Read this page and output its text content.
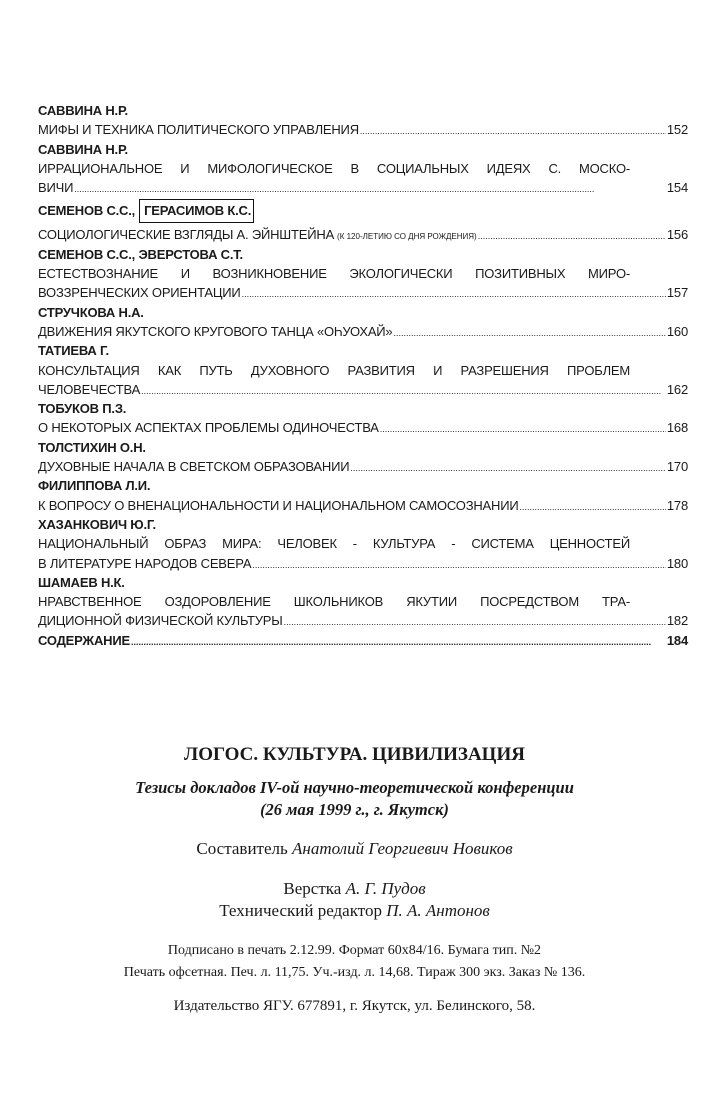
САВВИНА Н.Р.
МИФЫ И ТЕХНИКА ПОЛИТИЧЕСКОГО УПРАВЛЕНИЯ .....	152
САВВИНА Н.Р.
ИРРАЦИОНАЛЬНОЕ И МИФОЛОГИЧЕСКОЕ В СОЦИАЛЬНЫХ ИДЕЯХ С. МОСКО-
ВИЧИ .....	154
СЕМЕНОВ С.С., ГЕРАСИМОВ К.С.
СОЦИОЛОГИЧЕСКИЕ ВЗГЛЯДЫ А. ЭЙНШТЕЙНА (К 120-ЛЕТИЮ СО ДНЯ РОЖДЕНИЯ) .....	156
СЕМЕНОВ С.С., ЭВЕРСТОВА С.Т.
ЕСТЕСТВОЗНАНИЕ И ВОЗНИКНОВЕНИЕ ЭКОЛОГИЧЕСКИ ПОЗИТИВНЫХ МИРО-
ВОЗЗРЕНЧЕСКИХ ОРИЕНТАЦИИ .....	157
СТРУЧКОВА Н.А.
ДВИЖЕНИЯ ЯКУТСКОГО КРУГОВОГО ТАНЦА «ОҺУОХАЙ» .....	160
ТАТИЕВА Г.
КОНСУЛЬТАЦИЯ КАК ПУТЬ ДУХОВНОГО РАЗВИТИЯ И РАЗРЕШЕНИЯ ПРОБЛЕМ
ЧЕЛОВЕЧЕСТВА .....	162
ТОБУКОВ П.З.
О НЕКОТОРЫХ АСПЕКТАХ ПРОБЛЕМЫ ОДИНОЧЕСТВА .....	168
ТОЛСТИХИН О.Н.
ДУХОВНЫЕ НАЧАЛА В СВЕТСКОМ ОБРАЗОВАНИИ .....	170
ФИЛИППОВА Л.И.
К ВОПРОСУ О ВНЕНАЦИОНАЛЬНОСТИ И НАЦИОНАЛЬНОМ САМОСОЗНАНИИ .....	178
ХАЗАНКОВИЧ Ю.Г.
НАЦИОНАЛЬНЫЙ ОБРАЗ МИРА: ЧЕЛОВЕК - КУЛЬТУРА - СИСТЕМА ЦЕННОСТЕЙ
В ЛИТЕРАТУРЕ НАРОДОВ СЕВЕРА .....	180
ШАМАЕВ Н.К.
НРАВСТВЕННОЕ ОЗДОРОВЛЕНИЕ ШКОЛЬНИКОВ ЯКУТИИ ПОСРЕДСТВОМ ТРА-
ДИЦИОННОЙ ФИЗИЧЕСКОЙ КУЛЬТУРЫ .....	182
СОДЕРЖАНИЕ .....	184
ЛОГОС. КУЛЬТУРА. ЦИВИЛИЗАЦИЯ
Тезисы докладов IV-ой научно-теоретической конференции
(26 мая 1999 г., г. Якутск)
Составитель Анатолий Георгиевич Новиков
Верстка А. Г. Пудов
Технический редактор П. А. Антонов
Подписано в печать 2.12.99. Формат 60х84/16. Бумага тип. №2
Печать офсетная. Печ. л. 11,75. Уч.-изд. л. 14,68. Тираж 300 экз. Заказ № 136.
Издательство ЯГУ. 677891, г. Якутск, ул. Белинского, 58.
